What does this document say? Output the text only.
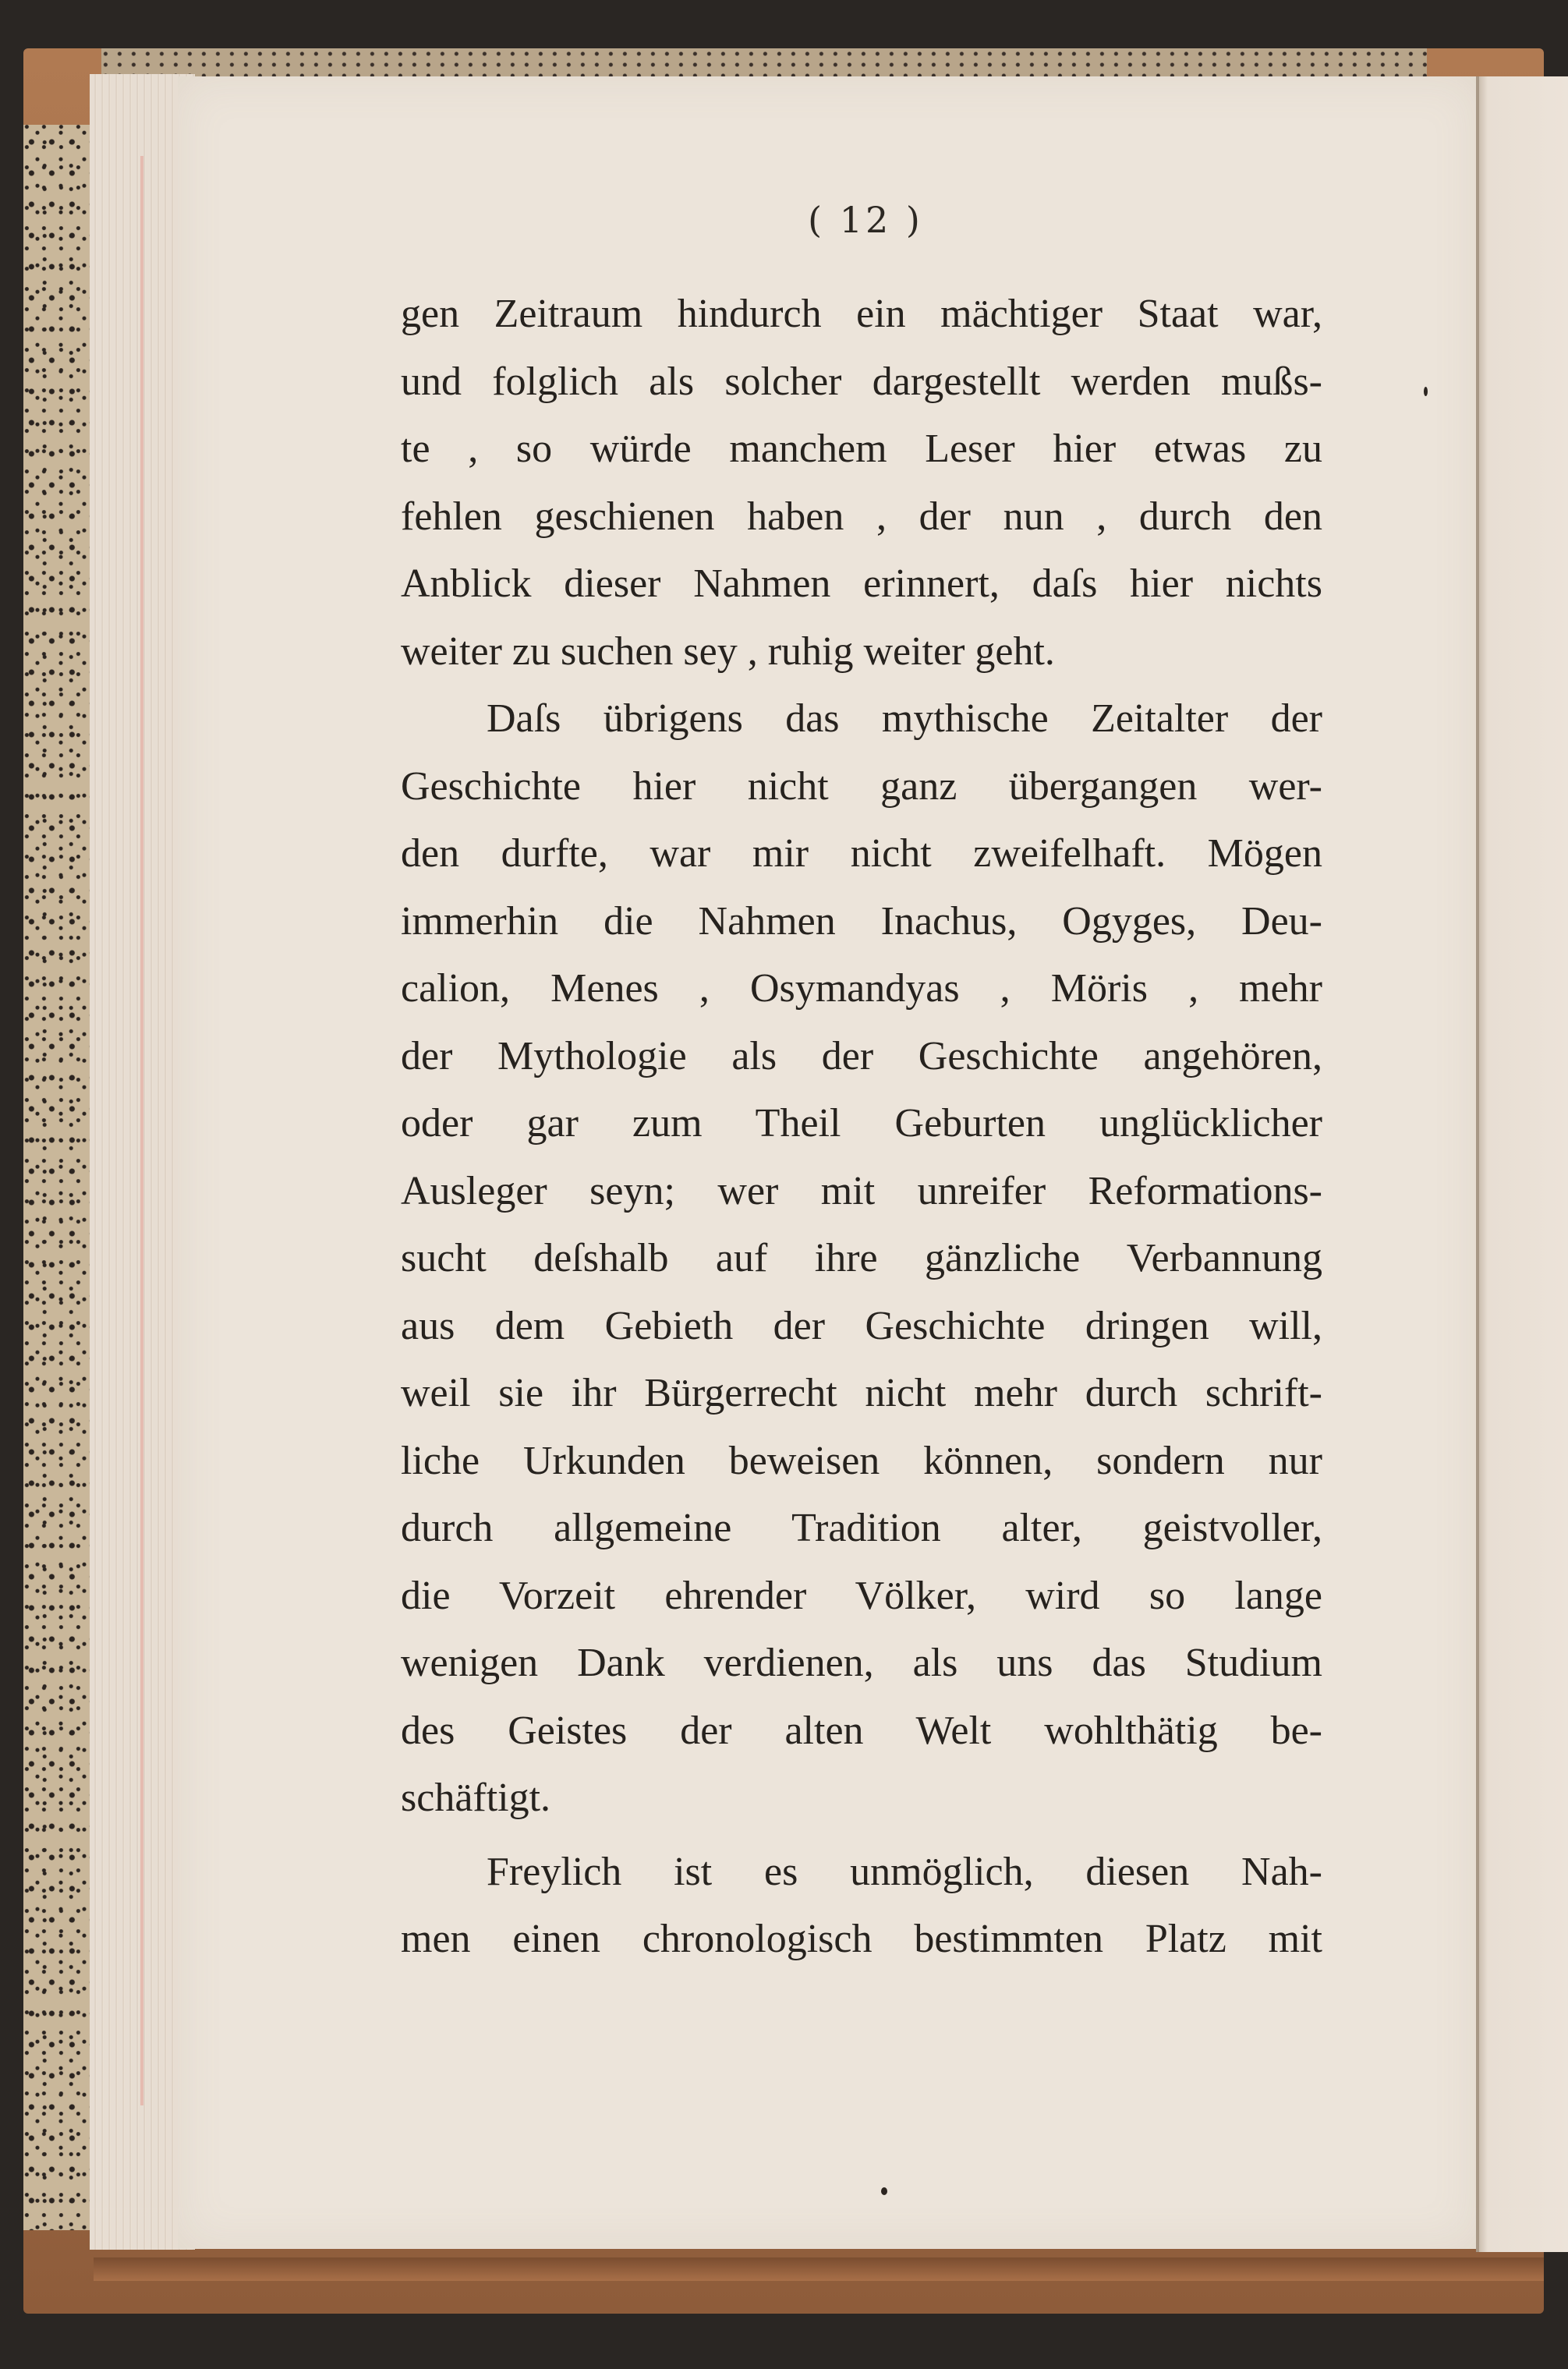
( 12 )
gen Zeitraum hindurch ein mächtiger Staat war,
und folglich als solcher dargestellt werden mußs-
te , so würde manchem Leser hier etwas zu
fehlen geschienen haben , der nun , durch den
Anblick dieser Nahmen erinnert, daſs hier nichts
weiter zu suchen sey , ruhig weiter geht.
Daſs übrigens das mythische Zeitalter der
Geschichte hier nicht ganz übergangen wer-
den durfte, war mir nicht zweifelhaft. Mögen
immerhin die Nahmen Inachus, Ogyges, Deu-
calion, Menes , Osymandyas , Möris , mehr
der Mythologie als der Geschichte angehören,
oder gar zum Theil Geburten unglücklicher
Ausleger seyn; wer mit unreifer Reformations-
sucht deſshalb auf ihre gänzliche Verbannung
aus dem Gebieth der Geschichte dringen will,
weil sie ihr Bürgerrecht nicht mehr durch schrift-
liche Urkunden beweisen können, sondern nur
durch allgemeine Tradition alter, geistvoller,
die Vorzeit ehrender Völker, wird so lange
wenigen Dank verdienen, als uns das Studium
des Geistes der alten Welt wohlthätig be-
schäftigt.
Freylich ist es unmöglich, diesen Nah-
men einen chronologisch bestimmten Platz mit
